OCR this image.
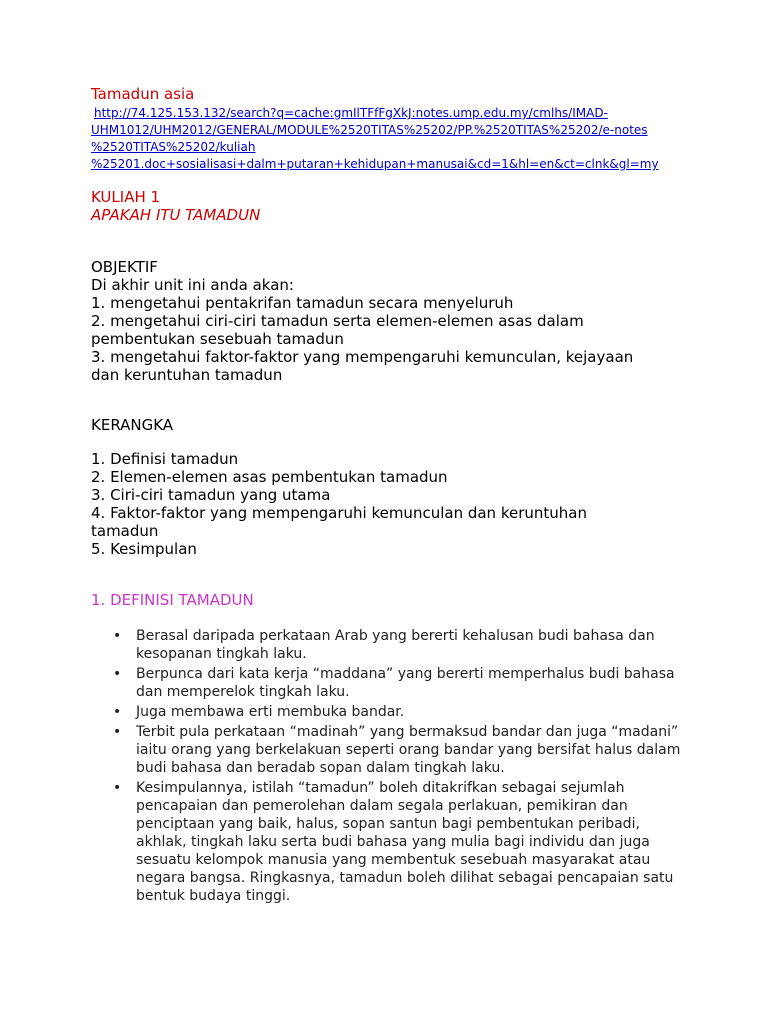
Tamadun asia
http://74.125.153.132/search?q=cache:gmIlTFfFgXkJ:notes.ump.edu.my/cmlhs/IMAD-
UHM1012/UHM2012/GENERAL/MODULE%2520TITAS%25202/PP.%2520TITAS%25202/e-notes
%2520TITAS%25202/kuliah
%25201.doc+sosialisasi+dalm+putaran+kehidupan+manusai&cd=1&hl=en&ct=clnk&gl=my
KULIAH 1
APAKAH ITU TAMADUN
OBJEKTIF
Di akhir unit ini anda akan:
1. mengetahui pentakrifan tamadun secara menyeluruh
2. mengetahui ciri-ciri tamadun serta elemen-elemen asas dalam
pembentukan sesebuah tamadun
3. mengetahui faktor-faktor yang mempengaruhi kemunculan, kejayaan
dan keruntuhan tamadun
KERANGKA
1. Definisi tamadun
2. Elemen-elemen asas pembentukan tamadun
3. Ciri-ciri tamadun yang utama
4. Faktor-faktor yang mempengaruhi kemunculan dan keruntuhan
tamadun
5. Kesimpulan
1. DEFINISI TAMADUN
• Berasal daripada perkataan Arab yang bererti kehalusan budi bahasa dan
kesopanan tingkah laku.
• Berpunca dari kata kerja “maddana” yang bererti memperhalus budi bahasa
dan memperelok tingkah laku.
• Juga membawa erti membuka bandar.
• Terbit pula perkataan “madinah” yang bermaksud bandar dan juga “madani”
iaitu orang yang berkelakuan seperti orang bandar yang bersifat halus dalam
budi bahasa dan beradab sopan dalam tingkah laku.
• Kesimpulannya, istilah “tamadun” boleh ditakrifkan sebagai sejumlah
pencapaian dan pemerolehan dalam segala perlakuan, pemikiran dan
penciptaan yang baik, halus, sopan santun bagi pembentukan peribadi,
akhlak, tingkah laku serta budi bahasa yang mulia bagi individu dan juga
sesuatu kelompok manusia yang membentuk sesebuah masyarakat atau
negara bangsa. Ringkasnya, tamadun boleh dilihat sebagai pencapaian satu
bentuk budaya tinggi.
